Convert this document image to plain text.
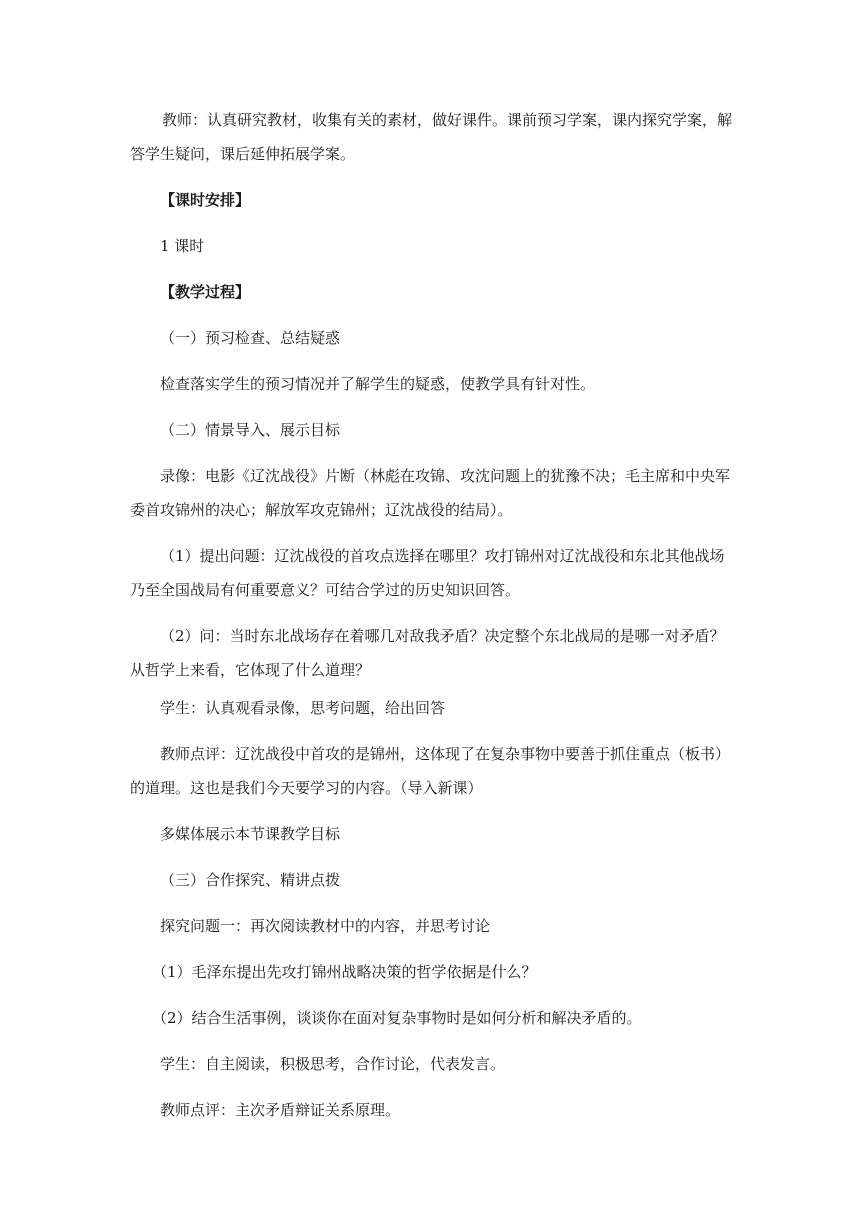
教师：认真研究教材，收集有关的素材，做好课件。课前预习学案，课内探究学案，解
答学生疑问，课后延伸拓展学案。
【课时安排】
1 课时
【教学过程】
（一）预习检查、总结疑惑
检查落实学生的预习情况并了解学生的疑惑，使教学具有针对性。
（二）情景导入、展示目标
录像：电影《辽沈战役》片断（林彪在攻锦、攻沈问题上的犹豫不决；毛主席和中央军
委首攻锦州的决心；解放军攻克锦州；辽沈战役的结局）。
（1）提出问题：辽沈战役的首攻点选择在哪里？攻打锦州对辽沈战役和东北其他战场
乃至全国战局有何重要意义？可结合学过的历史知识回答。
（2）问：当时东北战场存在着哪几对敌我矛盾？决定整个东北战局的是哪一对矛盾？
从哲学上来看，它体现了什么道理？
学生：认真观看录像，思考问题，给出回答
教师点评：辽沈战役中首攻的是锦州，这体现了在复杂事物中要善于抓住重点（板书）
的道理。这也是我们今天要学习的内容。（导入新课）
多媒体展示本节课教学目标
（三）合作探究、精讲点拨
探究问题一：再次阅读教材中的内容，并思考讨论
（1）毛泽东提出先攻打锦州战略决策的哲学依据是什么？
（2）结合生活事例，谈谈你在面对复杂事物时是如何分析和解决矛盾的。
学生：自主阅读，积极思考，合作讨论，代表发言。
教师点评：主次矛盾辩证关系原理。
